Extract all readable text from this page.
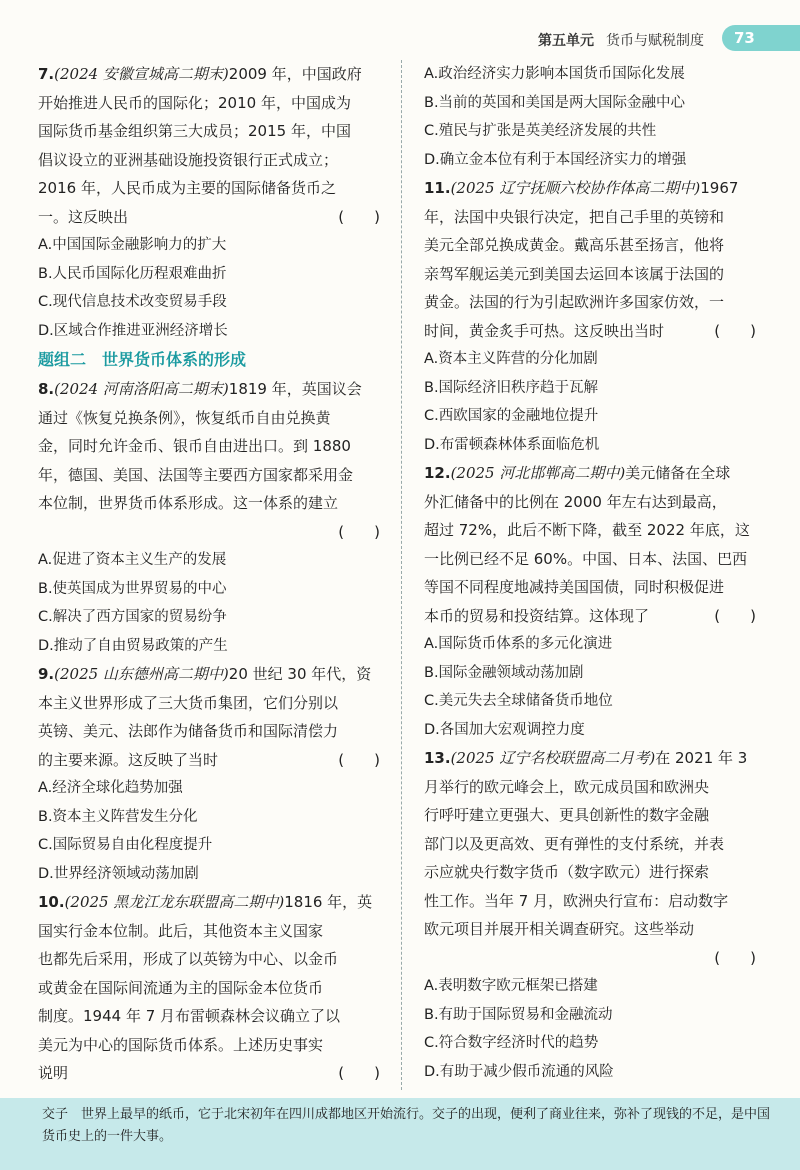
第五单元 货币与赋税制度 73
7.(2024 安徽宣城高二期末)2009 年，中国政府
开始推进人民币的国际化；2010 年，中国成为
国际货币基金组织第三大成员；2015 年，中国
倡议设立的亚洲基础设施投资银行正式成立；
2016 年，人民币成为主要的国际储备货币之
一。这反映出	(　　)
A.中国国际金融影响力的扩大
B.人民币国际化历程艰难曲折
C.现代信息技术改变贸易手段
D.区域合作推进亚洲经济增长
题组二　世界货币体系的形成
8.(2024 河南洛阳高二期末)1819 年，英国议会
通过《恢复兑换条例》，恢复纸币自由兑换黄
金，同时允许金币、银币自由进出口。到 1880
年，德国、美国、法国等主要西方国家都采用金
本位制，世界货币体系形成。这一体系的建立

(　　)

A.促进了资本主义生产的发展
B.使英国成为世界贸易的中心
C.解决了西方国家的贸易纷争
D.推动了自由贸易政策的产生
9.(2025 山东德州高二期中)20 世纪 30 年代，资
本主义世界形成了三大货币集团，它们分别以
英镑、美元、法郎作为储备货币和国际清偿力
的主要来源。这反映了当时	(　　)
A.经济全球化趋势加强
B.资本主义阵营发生分化
C.国际贸易自由化程度提升
D.世界经济领域动荡加剧
10.(2025 黑龙江龙东联盟高二期中)1816 年，英
国实行金本位制。此后，其他资本主义国家
也都先后采用，形成了以英镑为中心、以金币
或黄金在国际间流通为主的国际金本位货币
制度。1944 年 7 月布雷顿森林会议确立了以
美元为中心的国际货币体系。上述历史事实
说明	(　　)
A.政治经济实力影响本国货币国际化发展
B.当前的英国和美国是两大国际金融中心
C.殖民与扩张是英美经济发展的共性
D.确立金本位有利于本国经济实力的增强
11.(2025 辽宁抚顺六校协作体高二期中)1967
年，法国中央银行决定，把自己手里的英镑和
美元全部兑换成黄金。戴高乐甚至扬言，他将
亲驾军舰运美元到美国去运回本该属于法国的
黄金。法国的行为引起欧洲许多国家仿效，一
时间，黄金炙手可热。这反映出当时	(　　)
A.资本主义阵营的分化加剧
B.国际经济旧秩序趋于瓦解
C.西欧国家的金融地位提升
D.布雷顿森林体系面临危机
12.(2025 河北邯郸高二期中)美元储备在全球
外汇储备中的比例在 2000 年左右达到最高，
超过 72%，此后不断下降，截至 2022 年底，这
一比例已经不足 60%。中国、日本、法国、巴西
等国不同程度地减持美国国债，同时积极促进
本币的贸易和投资结算。这体现了	(　　)
A.国际货币体系的多元化演进
B.国际金融领域动荡加剧
C.美元失去全球储备货币地位
D.各国加大宏观调控力度
13.(2025 辽宁名校联盟高二月考)在 2021 年 3
月举行的欧元峰会上，欧元成员国和欧洲央
行呼吁建立更强大、更具创新性的数字金融
部门以及更高效、更有弹性的支付系统，并表
示应就央行数字货币（数字欧元）进行探索
性工作。当年 7 月，欧洲央行宣布：启动数字
欧元项目并展开相关调查研究。这些举动

(　　)

A.表明数字欧元框架已搭建
B.有助于国际贸易和金融流动
C.符合数字经济时代的趋势
D.有助于减少假币流通的风险
交子　世界上最早的纸币，它于北宋初年在四川成都地区开始流行。交子的出现，便利了商业往来，弥补了现钱的不足，是中国货币史上的一件大事。
